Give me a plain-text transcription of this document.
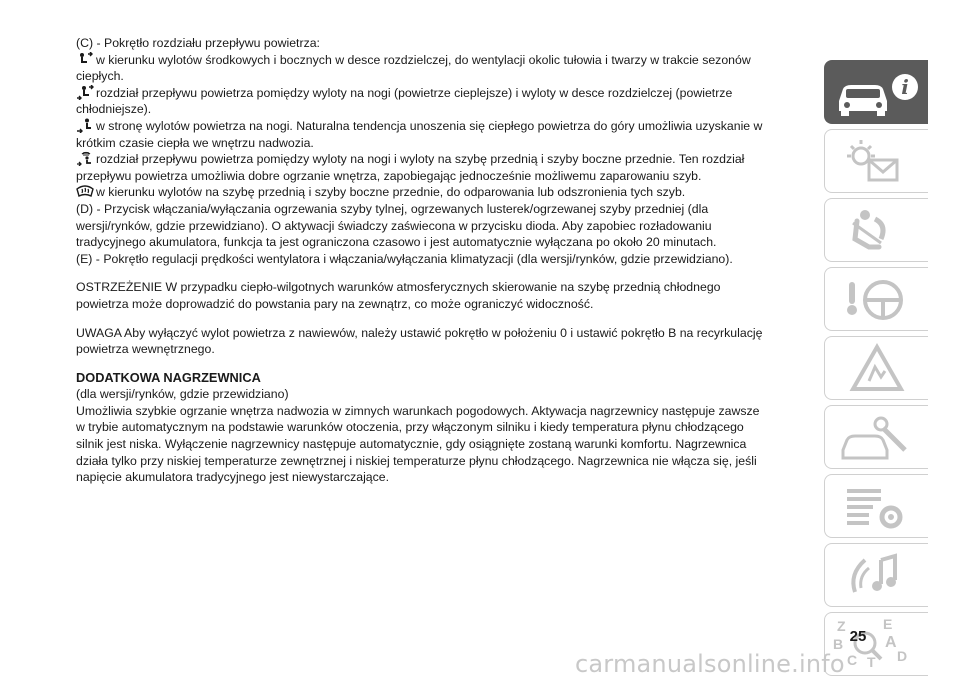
(C) - Pokrętło rozdziału przepływu powietrza:

w kierunku wylotów środkowych i bocznych w desce rozdzielczej, do wentylacji okolic tułowia i twarzy w trakcie sezonów

ciepłych.

rozdział przepływu powietrza pomiędzy wyloty na nogi (powietrze cieplejsze) i wyloty w desce rozdzielczej (powietrze

chłodniejsze).

w stronę wylotów powietrza na nogi. Naturalna tendencja unoszenia się ciepłego powietrza do góry umożliwia uzyskanie w

krótkim czasie ciepła we wnętrzu nadwozia.

rozdział przepływu powietrza pomiędzy wyloty na nogi i wyloty na szybę przednią i szyby boczne przednie. Ten rozdział

przepływu powietrza umożliwia dobre ogrzanie wnętrza, zapobiegając jednocześnie możliwemu zaparowaniu szyb.

w kierunku wylotów na szybę przednią i szyby boczne przednie, do odparowania lub odszronienia tych szyb.

(D) - Przycisk włączania/wyłączania ogrzewania szyby tylnej, ogrzewanych lusterek/ogrzewanej szyby przedniej (dla

wersji/rynków, gdzie przewidziano). O aktywacji świadczy zaświecona w przycisku dioda. Aby zapobiec rozładowaniu

tradycyjnego akumulatora, funkcja ta jest ograniczona czasowo i jest automatycznie wyłączana po około 20 minutach.

(E) - Pokrętło regulacji prędkości wentylatora i włączania/wyłączania klimatyzacji (dla wersji/rynków, gdzie przewidziano).

OSTRZEŻENIE W przypadku ciepło-wilgotnych warunków atmosferycznych skierowanie na szybę przednią chłodnego

powietrza może doprowadzić do powstania pary na zewnątrz, co może ograniczyć widoczność.

UWAGA Aby wyłączyć wylot powietrza z nawiewów, należy ustawić pokrętło w położeniu 0 i ustawić pokrętło B na recyrkulację

powietrza wewnętrznego.

DODATKOWA NAGRZEWNICA

(dla wersji/rynków, gdzie przewidziano)

Umożliwia szybkie ogrzanie wnętrza nadwozia w zimnych warunkach pogodowych. Aktywacja nagrzewnicy następuje zawsze

w trybie automatycznym na podstawie warunków otoczenia, przy włączonym silniku i kiedy temperatura płynu chłodzącego

silnik jest niska. Wyłączenie nagrzewnicy następuje automatycznie, gdy osiągnięte zostaną warunki komfortu. Nagrzewnica

działa tylko przy niskiej temperaturze zewnętrznej i niskiej temperaturze płynu chłodzącego. Nagrzewnica nie włącza się, jeśli

napięcie akumulatora tradycyjnego jest niewystarczające.

i
Z	E
B	A
C T D
25
carmanualsonline.info
